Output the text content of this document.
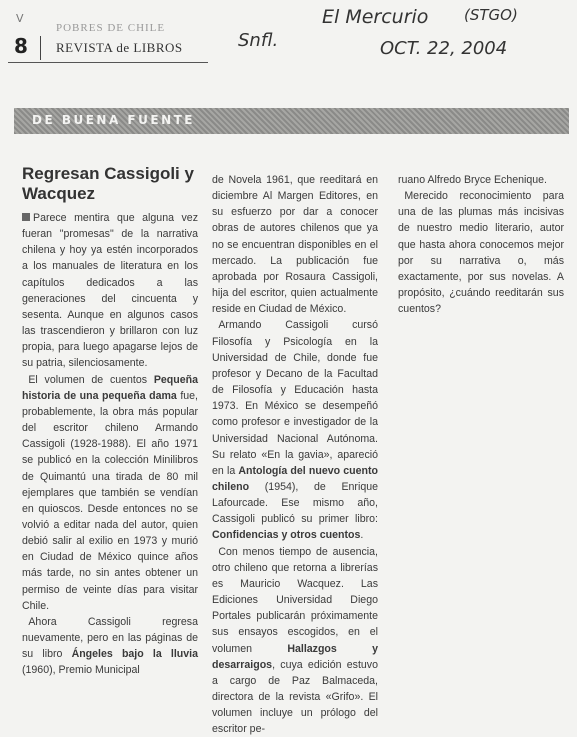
V
8
POBRES DE CHILE
REVISTA de LIBROS
El Mercurio (STGO)
Snfl.	OCT. 22, 2004
DE BUENA FUENTE
Regresan Cassigoli y Wacquez

Parece mentira que alguna vez fueran "promesas" de la narrativa chilena y hoy ya estén incorporados a los manuales de literatura en los capítulos dedicados a las generaciones del cincuenta y sesenta. Aunque en algunos casos las trascendieron y brillaron con luz propia, para luego apagarse lejos de su patria, silenciosamente.

El volumen de cuentos Pequeña historia de una pequeña dama fue, probablemente, la obra más popular del escritor chileno Armando Cassigoli (1928-1988). El año 1971 se publicó en la colección Minilibros de Quimantú una tirada de 80 mil ejemplares que también se vendían en quioscos. Desde entonces no se volvió a editar nada del autor, quien debió salir al exilio en 1973 y murió en Ciudad de México quince años más tarde, no sin antes obtener un permiso de veinte días para visitar Chile.

Ahora Cassigoli regresa nuevamente, pero en las páginas de su libro Ángeles bajo la lluvia (1960), Premio Municipal

de Novela 1961, que reeditará en diciembre Al Margen Editores, en su esfuerzo por dar a conocer obras de autores chilenos que ya no se encuentran disponibles en el mercado. La publicación fue aprobada por Rosaura Cassigoli, hija del escritor, quien actualmente reside en Ciudad de México.

Armando Cassigoli cursó Filosofía y Psicología en la Universidad de Chile, donde fue profesor y Decano de la Facultad de Filosofía y Educación hasta 1973. En México se desempeñó como profesor e investigador de la Universidad Nacional Autónoma. Su relato «En la gavia», apareció en la Antología del nuevo cuento chileno (1954), de Enrique Lafourcade. Ese mismo año, Cassigoli publicó su primer libro: Confidencias y otros cuentos.

Con menos tiempo de ausencia, otro chileno que retorna a librerías es Mauricio Wacquez. Las Ediciones Universidad Diego Portales publicarán próximamente sus ensayos escogidos, en el volumen Hallazgos y desarraigos, cuya edición estuvo a cargo de Paz Balmaceda, directora de la revista «Grifo». El volumen incluye un prólogo del escritor pe-

ruano Alfredo Bryce Echenique.

Merecido reconocimiento para una de las plumas más incisivas de nuestro medio literario, autor que hasta ahora conocemos mejor por su narrativa o, más exactamente, por sus novelas. A propósito, ¿cuándo reeditarán sus cuentos?
